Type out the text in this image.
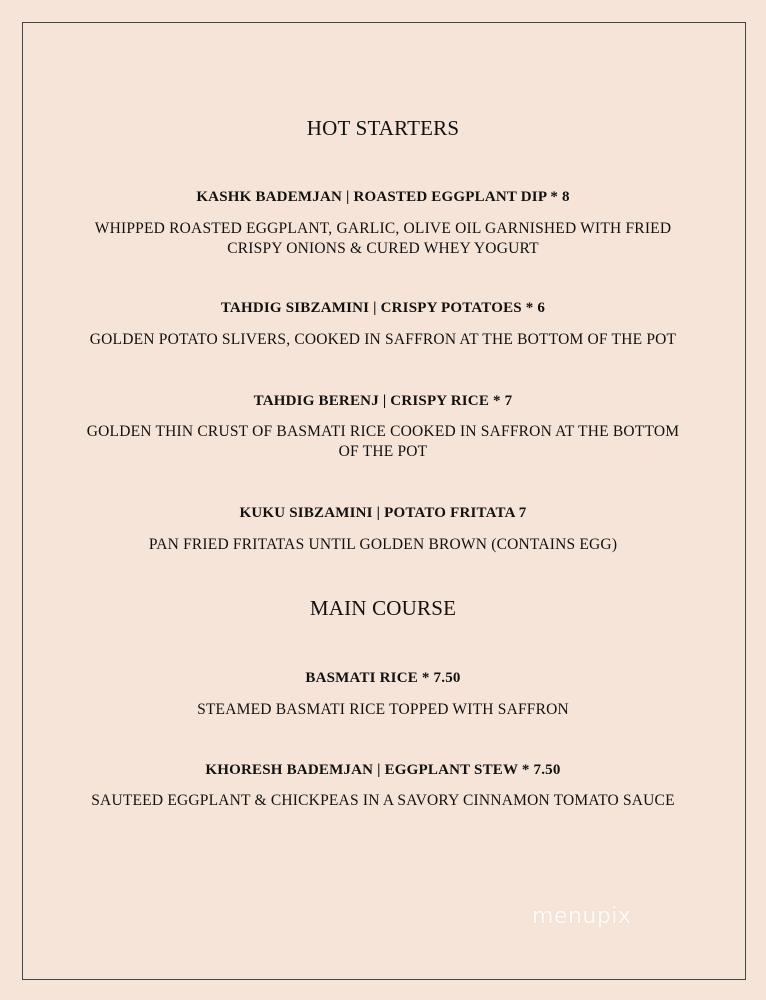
HOT STARTERS
KASHK BADEMJAN | ROASTED EGGPLANT DIP * 8
WHIPPED ROASTED EGGPLANT, GARLIC, OLIVE OIL GARNISHED WITH FRIED CRISPY ONIONS & CURED WHEY YOGURT
TAHDIG SIBZAMINI | CRISPY POTATOES * 6
GOLDEN POTATO SLIVERS, COOKED IN SAFFRON AT THE BOTTOM OF THE POT
TAHDIG BERENJ | CRISPY RICE * 7
GOLDEN THIN CRUST OF BASMATI RICE COOKED IN SAFFRON AT THE BOTTOM OF THE POT
KUKU SIBZAMINI | POTATO FRITATA 7
PAN FRIED FRITATAS UNTIL GOLDEN BROWN (CONTAINS EGG)
MAIN COURSE
BASMATI RICE * 7.50
STEAMED BASMATI RICE TOPPED WITH SAFFRON
KHORESH BADEMJAN | EGGPLANT STEW * 7.50
SAUTEED EGGPLANT & CHICKPEAS IN A SAVORY CINNAMON TOMATO SAUCE
menupix
